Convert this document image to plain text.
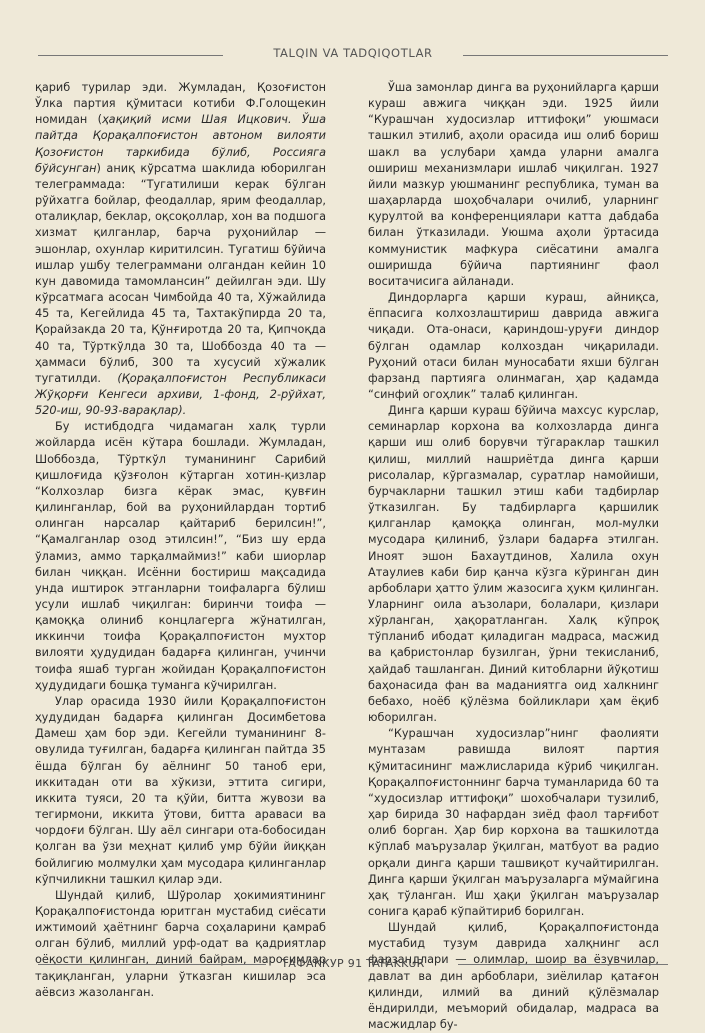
TALQIN VA TADQIQOTLAR

қариб турилар эди. Жумладан, Қозоғистон Ўлка партия қўмитаси котиби Ф.Голощекин номидан (ҳақиқий исми Шая Ицкович. Ўша пайтда Қорақалпоғистон автоном вилояти Қозоғистон таркибида бўлиб, Россияга бўйсунган) аниқ кўрсатма шаклида юборилган телеграммада: “Тугатилиши керак бўлган рўйхатга бойлар, феодаллар, ярим феодаллар, оталиқлар, беклар, оқсоқоллар, хон ва подшога хизмат қилганлар, барча руҳонийлар — эшонлар, охунлар киритилсин. Тугатиш бўйича ишлар ушбу телеграммани олгандан кейин 10 кун давомида тамомлансин” дейилган эди. Шу кўрсатмага асосан Чимбойда 40 та, Хўжайлида 45 та, Кегейлида 45 та, Тахтакўпирда 20 та, Қорайзакда 20 та, Қўнғиротда 20 та, Қипчоқда 40 та, Тўрткўлда 30 та, Шоббозда 40 та — ҳаммаси бўлиб, 300 та хусусий хўжалик тугатилди. (Қорақалпоғистон Республикаси Жўқорғи Кенгеси архиви, 1-фонд, 2-рўйхат, 520-иш, 90-93-варақлар).

Бу истибдодга чидамаган халқ турли жойларда исён кўтара бошлади. Жумладан, Шоббозда, Тўрткўл туманининг Сарибий қишлоғида қўзғолон кўтарган хотин-қизлар “Колхозлар бизга кёрак эмас, қувғин қилинганлар, бой ва руҳонийлардан тортиб олинган нарсалар қайтариб берилсин!”, “Қамалганлар озод этилсин!”, “Биз шу ерда ўламиз, аммо тарқалмаймиз!” каби шиорлар билан чиққан. Исённи бостириш мақсадида унда иштирок этганларни тоифаларга бўлиш усули ишлаб чиқилган: биринчи тоифа — қамоққа олиниб концлагерга жўнатилган, иккинчи тоифа Қорақалпоғистон мухтор вилояти ҳудудидан бадарға қилинган, учинчи тоифа яшаб турган жойидан Қорақалпоғистон ҳудудидаги бошқа туманга кўчирилган.

Улар орасида 1930 йили Қорақалпоғистон ҳудудидан бадарға қилинган Досимбетова Дамеш ҳам бор эди. Кегейли туманининг 8-овулида туғилган, бадарға қилинган пайтда 35 ёшда бўлган бу аёлнинг 50 таноб ери, иккитадан оти ва хўкизи, эттита сигири, иккита туяси, 20 та қўйи, битта жувози ва тегирмони, иккита ўтови, битта араваси ва чордоғи бўлган. Шу аёл сингари ота-бобосидан қолган ва ўзи меҳнат қилиб умр бўйи йиққан бойлигию молмулки ҳам мусодара қилинганлар кўпчиликни ташкил қилар эди.

Шундай қилиб, Шўролар ҳокимиятининг Қорақалпоғистонда юритган мустабид сиёсати ижтимоий ҳаётнинг барча соҳаларини қамраб олган бўлиб, миллий урф-одат ва қадриятлар оёқости қилинган, диний байрам, маросимлар тақиқланган, уларни ўтказган кишилар эса аёвсиз жазоланган.

Ўша замонлар динга ва руҳонийларга қарши кураш авжига чиққан эди. 1925 йили “Курашчан худосизлар иттифоқи” уюшмаси ташкил этилиб, аҳоли орасида иш олиб бориш шакл ва услубари ҳамда уларни амалга ошириш механизмлари ишлаб чиқилган. 1927 йили мазкур уюшманинг республика, туман ва шаҳарларда шоҳобчалари очилиб, уларнинг қурултой ва конференциялари катта дабдаба билан ўтказилади. Уюшма аҳоли ўртасида коммунистик мафкура сиёсатини амалга оширишда бўйича партиянинг фаол воситачисига айланади.

Диндорларга қарши кураш, айниқса, ёппасига колхозлаштириш даврида авжига чиқади. Ота-онаси, қариндош-уруғи диндор бўлган одамлар колхоздан чиқарилади. Руҳоний отаси билан муносабати яхши бўлган фарзанд партияга олинмаган, ҳар қадамда “синфий огоҳлик” талаб қилинган.

Динга қарши кураш бўйича махсус курслар, семинарлар корхона ва колхозларда динга қарши иш олиб борувчи тўгараклар ташкил қилиш, миллий нашриётда динга қарши рисолалар, кўргазмалар, суратлар намойиши, бурчакларни ташкил этиш каби тадбирлар ўтказилган. Бу тадбирларга қаршилик қилганлар қамоққа олинган, мол-мулки мусодара қилиниб, ўзлари бадарға этилган. Иноят эшон Бахаутдинов, Халила охун Атаулиев каби бир қанча кўзга кўринган дин арбоблари ҳатто ўлим жазосига ҳукм қилинган. Уларнинг оила аъзолари, болалари, қизлари хўрланган, ҳақоратланган. Халқ кўпроқ тўпланиб ибодат қиладиган мадраса, масжид ва қабристонлар бузилган, ўрни текисланиб, ҳайдаб ташланган. Диний китобларни йўқотиш баҳонасида фан ва маданиятга оид халкнинг бебахо, ноёб қўлёзма бойликлари ҳам ёқиб юборилган.

“Курашчан худосизлар”нинг фаолияти мунтазам равишда вилоят партия қўмитасининг мажлисларида кўриб чиқилган. Қорақалпоғистоннинг барча туманларида 60 та “худосизлар иттифоқи” шохобчалари тузилиб, ҳар бирида 30 нафардан зиёд фаол тарғибот олиб борган. Ҳар бир корхона ва ташкилотда кўплаб маърузалар ўқилган, матбуот ва радио орқали динга қарши ташвиқот кучайтирилган. Динга қарши ўқилган маърузаларга мўмайгина ҳақ тўланган. Иш ҳақи ўқилган маърузалар сонига қараб кўпайтириб борилган.

Шундай қилиб, Қорақалпоғистонда мустабид тузум даврида халқнинг асл фарзандлари — олимлар, шоир ва ёзувчилар, давлат ва дин арбоблари, зиёлилар қатағон қилинди, илмий ва диний қўлёзмалар ёндирилди, меъморий обидалар, мадраса ва масжидлар бу-

ТАФАККУР 91 TAFAKKUR
